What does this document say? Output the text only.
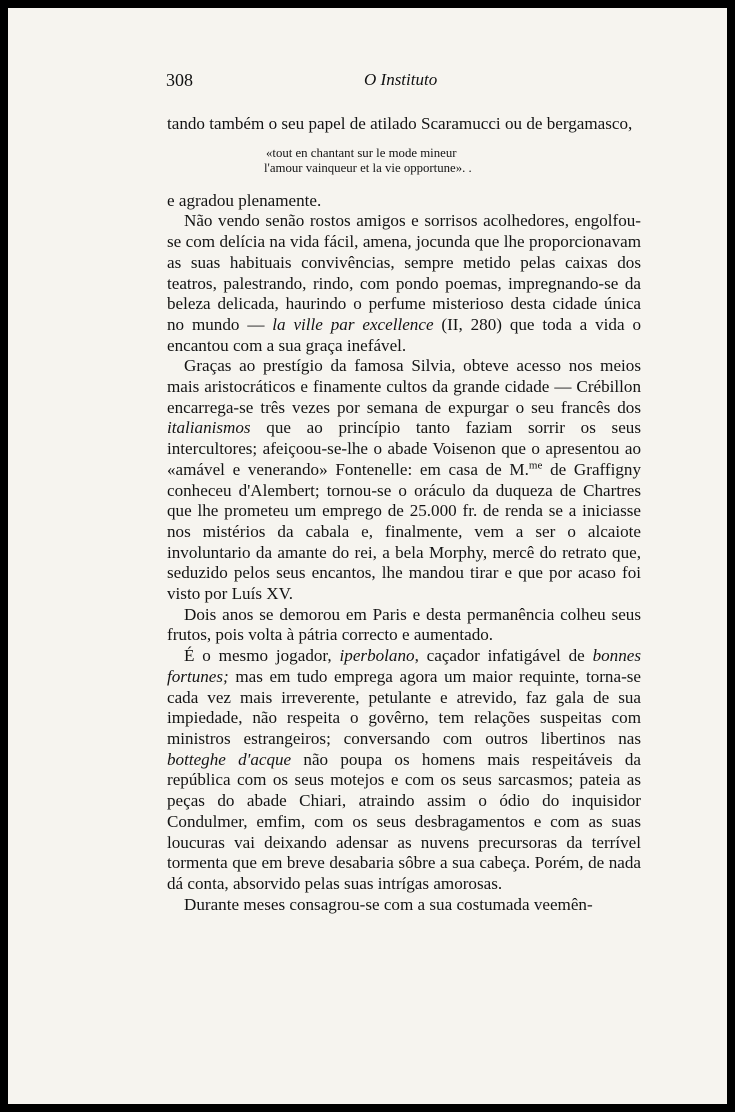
308	O Instituto

tando também o seu papel de atilado Scaramucci ou de bergamasco,

«tout en chantant sur le mode mineur
l'amour vainqueur et la vie opportune». .

e agradou plenamente.

Não vendo senão rostos amigos e sorrisos acolhedores, engolfou-se com delícia na vida fácil, amena, jocunda que lhe proporcionavam as suas habituais convivências, sempre metido pelas caixas dos teatros, palestrando, rindo, com pondo poemas, impregnando-se da beleza delicada, haurindo o perfume misterioso desta cidade única no mundo — la ville par excellence (II, 280) que toda a vida o encantou com a sua graça inefável.

Graças ao prestígio da famosa Silvia, obteve acesso nos meios mais aristocráticos e finamente cultos da grande cidade — Crébillon encarrega-se três vezes por semana de expurgar o seu francês dos italianismos que ao princípio tanto faziam sorrir os seus intercultores; afeiçoou-se-lhe o abade Voisenon que o apresentou ao «amável e venerando» Fontenelle: em casa de M.$^{me}$ de Graffigny conheceu d'Alembert; tornou-se o oráculo da duqueza de Chartres que lhe prometeu um emprego de 25.000 fr. de renda se a iniciasse nos mistérios da cabala e, finalmente, vem a ser o alcaiote involuntario da amante do rei, a bela Morphy, mercê do retrato que, seduzido pelos seus encantos, lhe mandou tirar e que por acaso foi visto por Luís XV.

Dois anos se demorou em Paris e desta permanência colheu seus frutos, pois volta à pátria correcto e aumentado.

É o mesmo jogador, iperbolano, caçador infatigável de bonnes fortunes; mas em tudo emprega agora um maior requinte, torna-se cada vez mais irreverente, petulante e atrevido, faz gala de sua impiedade, não respeita o govêrno, tem relações suspeitas com ministros estrangeiros; conversando com outros libertinos nas botteghe d'acque não poupa os homens mais respeitáveis da república com os seus motejos e com os seus sarcasmos; pateia as peças do abade Chiari, atraindo assim o ódio do inquisidor Condulmer, emfim, com os seus desbragamentos e com as suas loucuras vai deixando adensar as nuvens precursoras da terrível tormenta que em breve desabaria sôbre a sua cabeça. Porém, de nada dá conta, absorvido pelas suas intrígas amorosas.

Durante meses consagrou-se com a sua costumada veemên-
